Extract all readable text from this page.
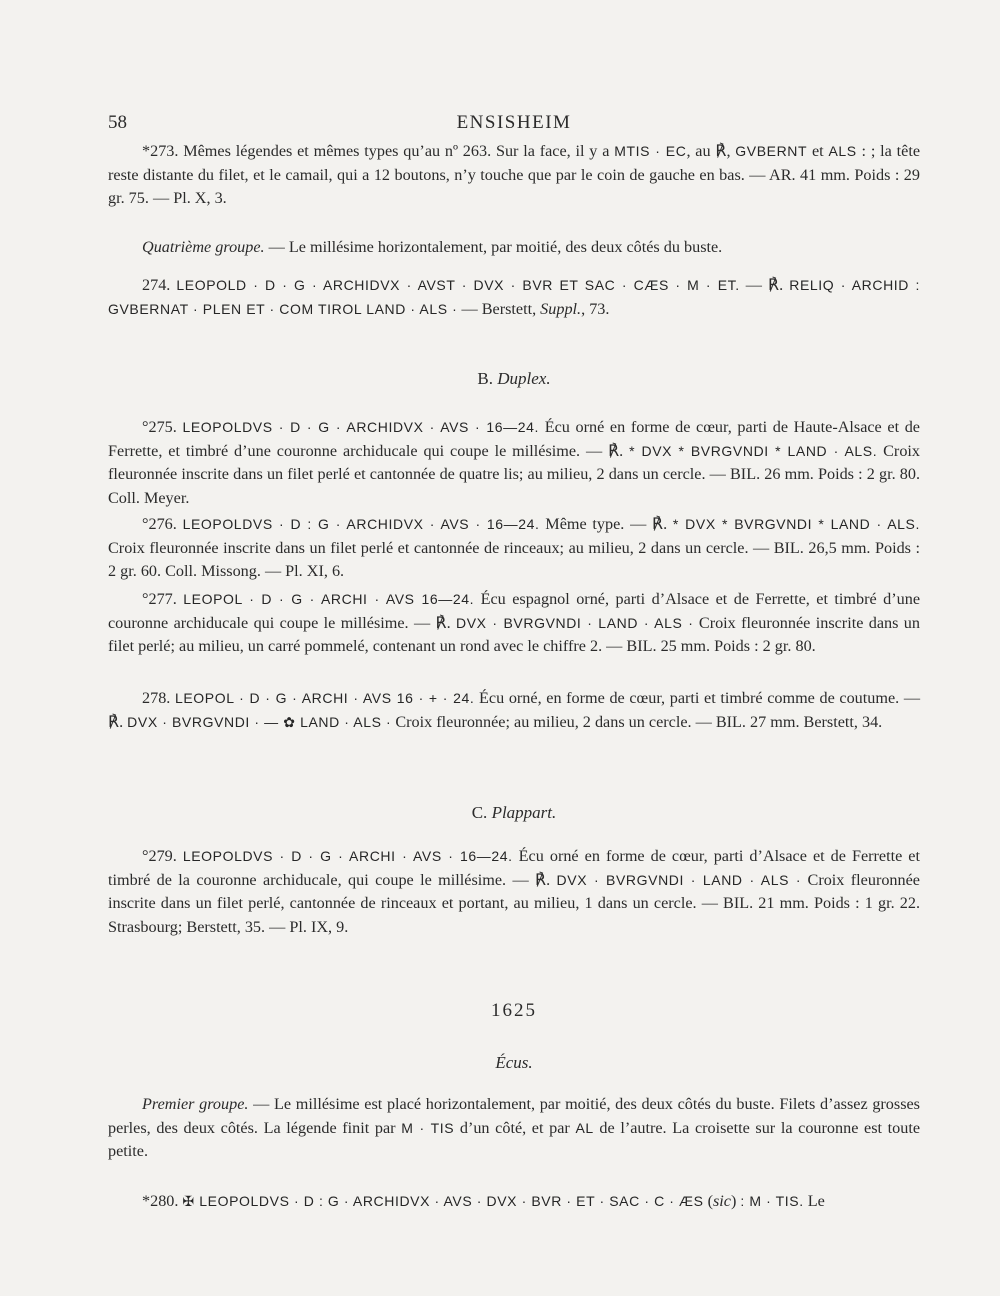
58	ENSISHEIM

*273. Mêmes légendes et mêmes types qu’au nº 263. Sur la face, il y a MTIS · EC, au ℟, GVBERNT et ALS : ; la tête reste distante du filet, et le camail, qui a 12 boutons, n’y touche que par le coin de gauche en bas. — AR. 41 mm. Poids : 29 gr. 75. — Pl. X, 3.

Quatrième groupe. — Le millésime horizontalement, par moitié, des deux côtés du buste.

274. LEOPOLD · D · G · ARCHIDVX · AVST · DVX · BVR ET SAC · CÆS · M · ET. — ℟. RELIQ · ARCHID : GVBERNAT · PLEN ET · COM TIROL LAND · ALS · — Berstett, Suppl., 73.

B. Duplex.

°275. LEOPOLDVS · D · G · ARCHIDVX · AVS · 16—24. Écu orné en forme de cœur, parti de Haute-Alsace et de Ferrette, et timbré d’une couronne archiducale qui coupe le millésime. — ℟. * DVX * BVRGVNDI * LAND · ALS. Croix fleuronnée inscrite dans un filet perlé et cantonnée de quatre lis; au milieu, 2 dans un cercle. — BIL. 26 mm. Poids : 2 gr. 80. Coll. Meyer.

°276. LEOPOLDVS · D : G · ARCHIDVX · AVS · 16—24. Même type. — ℟. * DVX * BVRGVNDI * LAND · ALS. Croix fleuronnée inscrite dans un filet perlé et cantonnée de rinceaux; au milieu, 2 dans un cercle. — BIL. 26,5 mm. Poids : 2 gr. 60. Coll. Missong. — Pl. XI, 6.

°277. LEOPOL · D · G · ARCHI · AVS 16—24. Écu espagnol orné, parti d’Alsace et de Ferrette, et timbré d’une couronne archiducale qui coupe le millésime. — ℟. DVX · BVRGVNDI · LAND · ALS · Croix fleuronnée inscrite dans un filet perlé; au milieu, un carré pommelé, contenant un rond avec le chiffre 2. — BIL. 25 mm. Poids : 2 gr. 80.

278. LEOPOL · D · G · ARCHI · AVS 16 · + · 24. Écu orné, en forme de cœur, parti et timbré comme de coutume. — ℟. DVX · BVRGVNDI · — ✿ LAND · ALS · Croix fleuronnée; au milieu, 2 dans un cercle. — BIL. 27 mm. Berstett, 34.

C. Plappart.

°279. LEOPOLDVS · D · G · ARCHI · AVS · 16—24. Écu orné en forme de cœur, parti d’Alsace et de Ferrette et timbré de la couronne archiducale, qui coupe le millésime. — ℟. DVX · BVRGVNDI · LAND · ALS · Croix fleuronnée inscrite dans un filet perlé, cantonnée de rinceaux et portant, au milieu, 1 dans un cercle. — BIL. 21 mm. Poids : 1 gr. 22. Strasbourg; Berstett, 35. — Pl. IX, 9.

1625
Écus.

Premier groupe. — Le millésime est placé horizontalement, par moitié, des deux côtés du buste. Filets d’assez grosses perles, des deux côtés. La légende finit par M · TIS d’un côté, et par AL de l’autre. La croisette sur la couronne est toute petite.

*280. ✠ LEOPOLDVS · D : G · ARCHIDVX · AVS · DVX · BVR · ET · SAC · C · ÆS (sic) : M · TIS. Le
